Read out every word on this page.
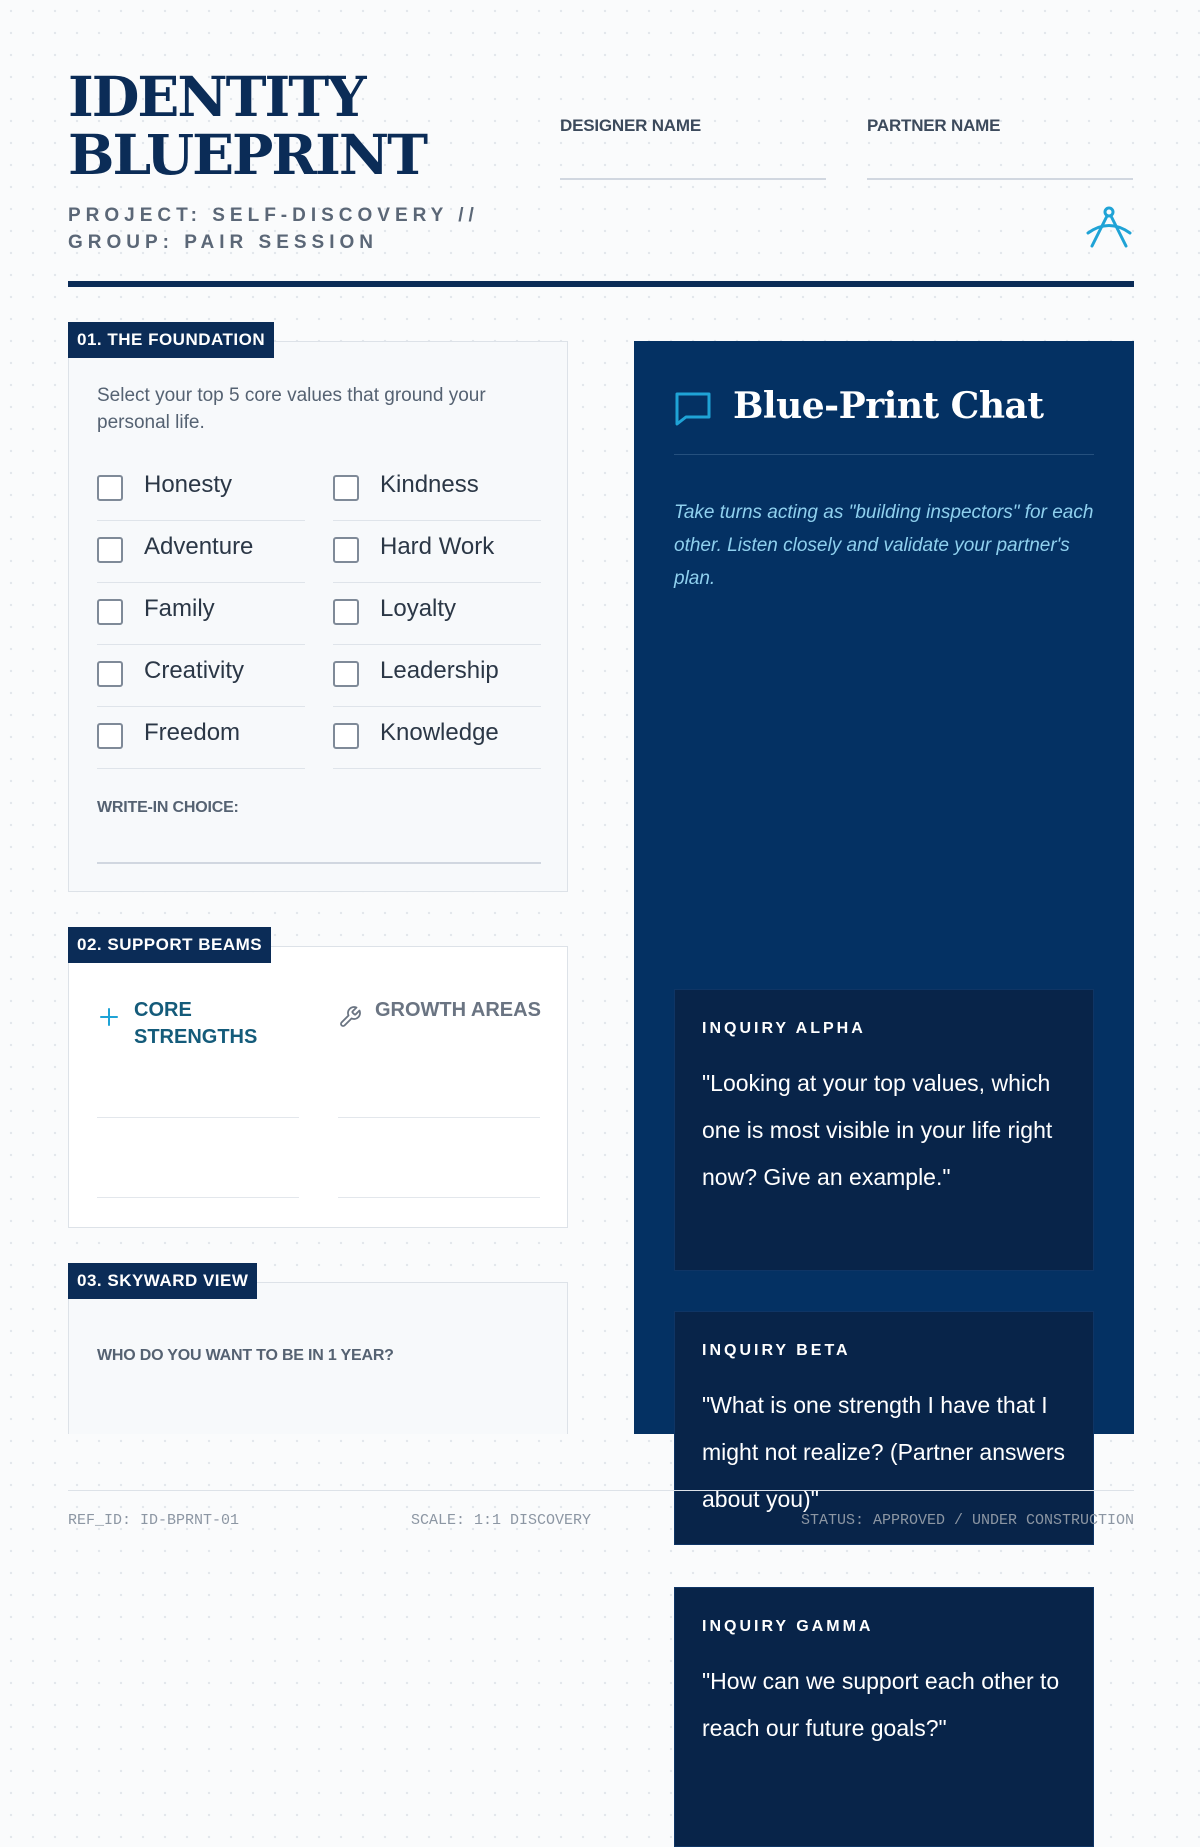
IDENTITY
BLUEPRINT
PROJECT: SELF-DISCOVERY //
GROUP: PAIR SESSION
DESIGNER NAME	PARTNER NAME
01. THE FOUNDATION
Select your top 5 core values that ground your personal life.
Honesty	Kindness
Adventure	Hard Work
Family	Loyalty
Creativity	Leadership
Freedom	Knowledge
WRITE-IN CHOICE:
02. SUPPORT BEAMS
CORE STRENGTHS
GROWTH AREAS
03. SKYWARD VIEW
WHO DO YOU WANT TO BE IN 1 YEAR?
Blue-Print Chat
Take turns acting as "building inspectors" for each other. Listen closely and validate your partner's plan.
INQUIRY ALPHA
"Looking at your top values, which one is most visible in your life right now? Give an example."
INQUIRY BETA
"What is one strength I have that I might not realize? (Partner answers about you)"
INQUIRY GAMMA
"How can we support each other to reach our future goals?"
REF_ID: ID-BPRNT-01	SCALE: 1:1 DISCOVERY	STATUS: APPROVED / UNDER CONSTRUCTION
